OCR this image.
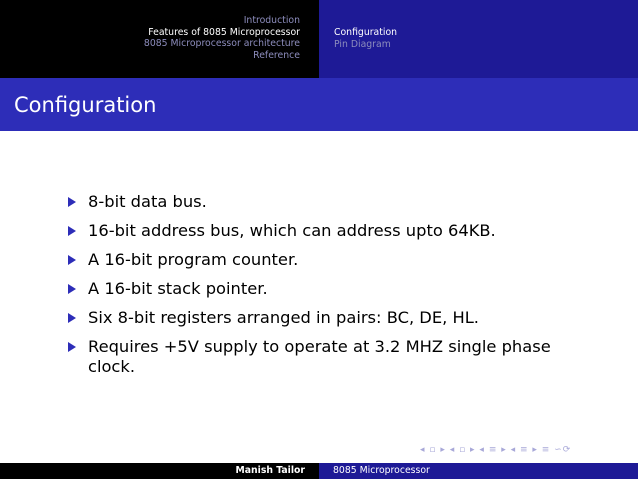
Introduction
Features of 8085 Microprocessor
8085 Microprocessor architecture
Reference
Configuration
Pin Diagram
Configuration
8-bit data bus.
16-bit address bus, which can address upto 64KB.
A 16-bit program counter.
A 16-bit stack pointer.
Six 8-bit registers arranged in pairs: BC, DE, HL.
Requires +5V supply to operate at 3.2 MHZ single phase clock.
◂ ▫ ▸ ◂ ▫ ▸ ◂ ≡ ▸ ◂ ≡ ▸ ≡ ∽⟳
Manish Tailor	8085 Microprocessor
